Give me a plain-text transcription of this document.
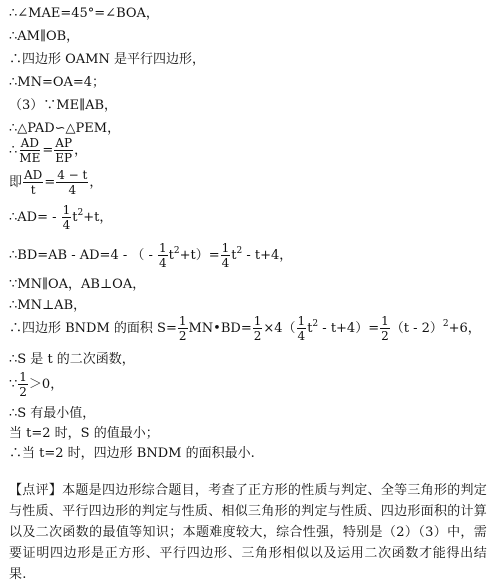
∴∠MAE=45°=∠BOA，
∴AM∥OB，
∴四边形 OAMN 是平行四边形，
∴MN=OA=4；
（3）∵ME∥AB，
∴△PAD∽△PEM，
∴ $\frac{AD}{ME} = \frac{AP}{EP}$ ，
即 $\frac{AD}{t} = \frac{4 - t}{4}$ ，
∴AD= - $\frac{1}{4} t^2+t$，
∴BD=AB - AD=4 - （ - $\frac{1}{4} t^2+t)= \frac{1}{4} t^2 - t+4$，
∵MN∥OA，AB⊥OA，
∴MN⊥AB，
∴四边形 BNDM 的面积 $S= \frac{1}{2}$ MN•BD= $\frac{1}{2} \times 4( \frac{1}{4} t^2 - t+4)= \frac{1}{2} (t - 2)^2+6$，
∴S 是 t 的二次函数，
∵ $\frac{1}{2} >0$，
∴S 有最小值，
当 t=2 时，S 的值最小；
∴当 t=2 时，四边形 BNDM 的面积最小.
【点评】本题是四边形综合题目，考查了正方形的性质与判定、全等三角形的判定与性质、平行四边形的判定与性质、相似三角形的判定与性质、四边形面积的计算以及二次函数的最值等知识；本题难度较大，综合性强，特别是（2）（3）中，需要证明四边形是正方形、平行四边形、三角形相似以及运用二次函数才能得出结果.
